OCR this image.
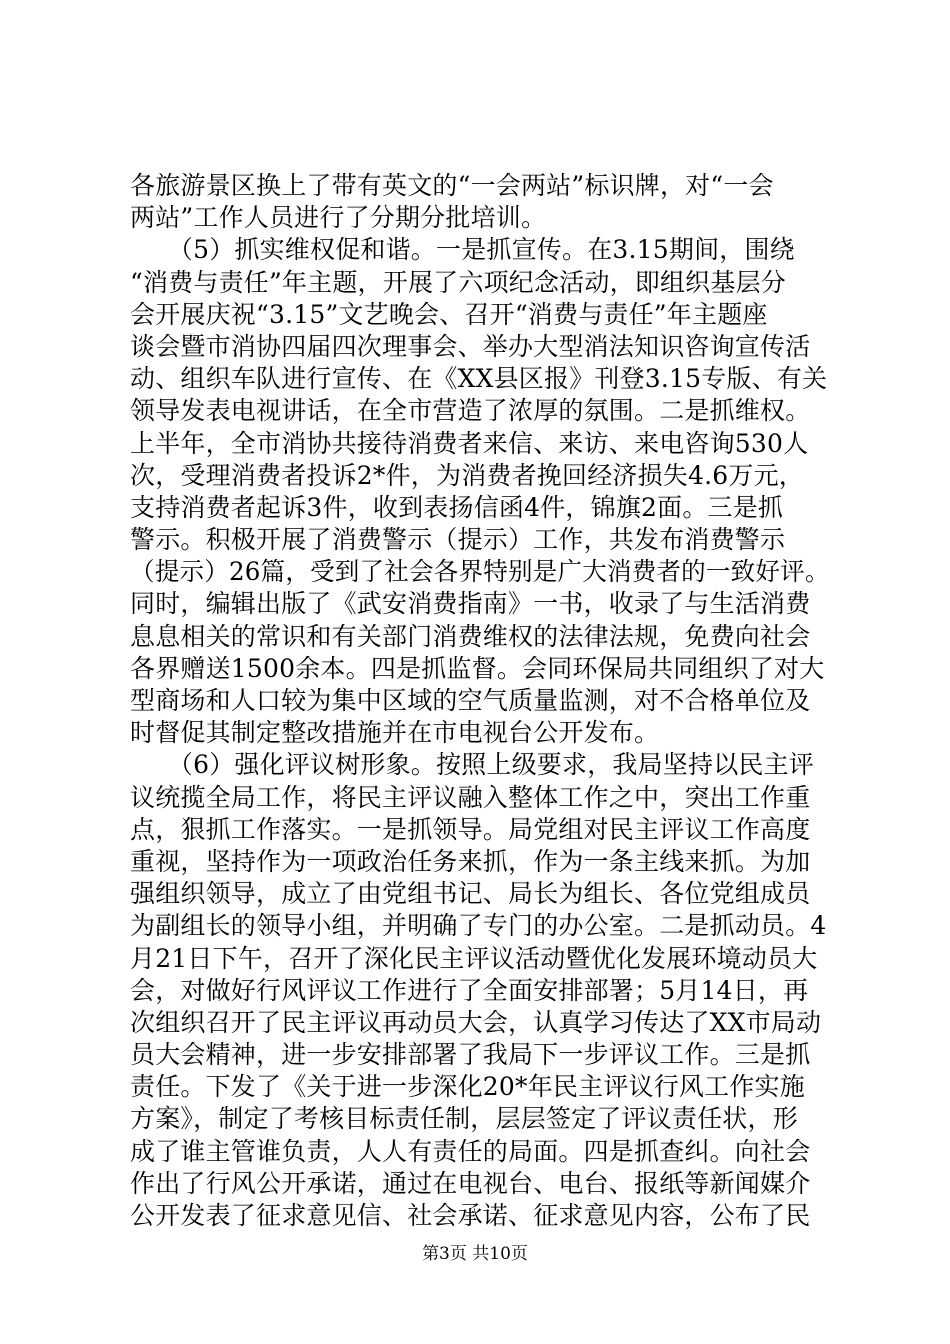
各旅游景区换上了带有英文的“一会两站”标识牌，对“一会
两站”工作人员进行了分期分批培训。
　　（5）抓实维权促和谐。一是抓宣传。在3.15期间，围绕
“消费与责任”年主题，开展了六项纪念活动，即组织基层分
会开展庆祝“3.15”文艺晚会、召开“消费与责任”年主题座
谈会暨市消协四届四次理事会、举办大型消法知识咨询宣传活
动、组织车队进行宣传、在《XX县区报》刊登3.15专版、有关
领导发表电视讲话，在全市营造了浓厚的氛围。二是抓维权。
上半年，全市消协共接待消费者来信、来访、来电咨询530人
次，受理消费者投诉2*件，为消费者挽回经济损失4.6万元，
支持消费者起诉3件，收到表扬信函4件，锦旗2面。三是抓
警示。积极开展了消费警示（提示）工作，共发布消费警示
（提示）26篇，受到了社会各界特别是广大消费者的一致好评。
同时，编辑出版了《武安消费指南》一书，收录了与生活消费
息息相关的常识和有关部门消费维权的法律法规，免费向社会
各界赠送1500余本。四是抓监督。会同环保局共同组织了对大
型商场和人口较为集中区域的空气质量监测，对不合格单位及
时督促其制定整改措施并在市电视台公开发布。
　　（6）强化评议树形象。按照上级要求，我局坚持以民主评
议统揽全局工作，将民主评议融入整体工作之中，突出工作重
点，狠抓工作落实。一是抓领导。局党组对民主评议工作高度
重视，坚持作为一项政治任务来抓，作为一条主线来抓。为加
强组织领导，成立了由党组书记、局长为组长、各位党组成员
为副组长的领导小组，并明确了专门的办公室。二是抓动员。4
月21日下午，召开了深化民主评议活动暨优化发展环境动员大
会，对做好行风评议工作进行了全面安排部署；5月14日，再
次组织召开了民主评议再动员大会，认真学习传达了XX市局动
员大会精神，进一步安排部署了我局下一步评议工作。三是抓
责任。下发了《关于进一步深化20*年民主评议行风工作实施
方案》，制定了考核目标责任制，层层签定了评议责任状，形
成了谁主管谁负责，人人有责任的局面。四是抓查纠。向社会
作出了行风公开承诺，通过在电视台、电台、报纸等新闻媒介
公开发表了征求意见信、社会承诺、征求意见内容，公布了民
第3页 共10页
